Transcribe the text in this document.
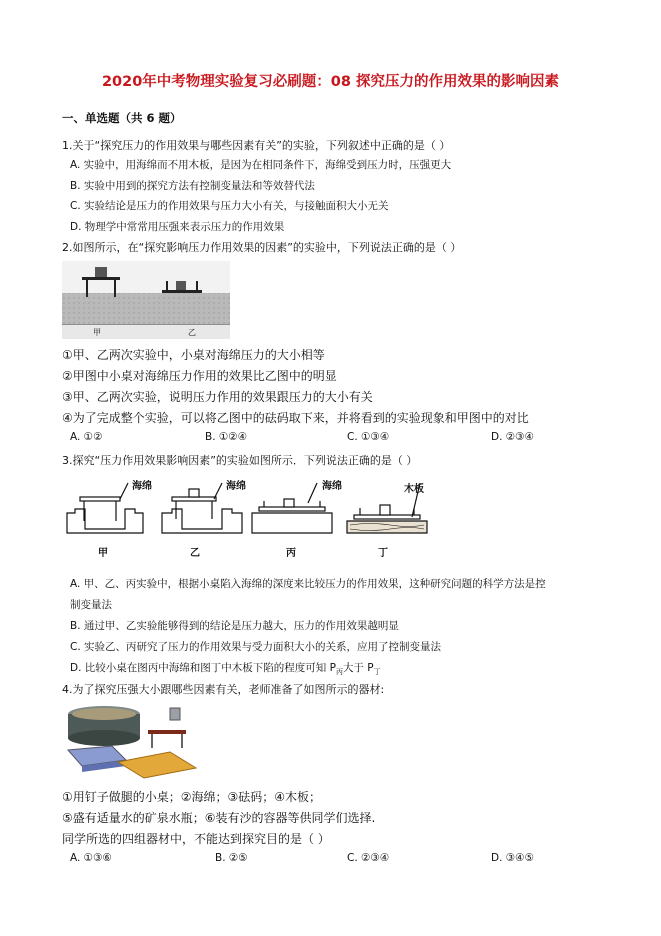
2020年中考物理实验复习必刷题：08 探究压力的作用效果的影响因素
一、单选题（共 6 题）
1.关于“探究压力的作用效果与哪些因素有关”的实验，下列叙述中正确的是（ ）
A. 实验中，用海绵而不用木板，是因为在相同条件下，海绵受到压力时，压强更大
B. 实验中用到的探究方法有控制变量法和等效替代法
C. 实验结论是压力的作用效果与压力大小有关，与接触面积大小无关
D. 物理学中常常用压强来表示压力的作用效果
2.如图所示，在“探究影响压力作用效果的因素”的实验中，下列说法正确的是（ ）
甲	乙
①甲、乙两次实验中，小桌对海绵压力的大小相等
②甲图中小桌对海绵压力作用的效果比乙图中的明显
③甲、乙两次实验，说明压力作用的效果跟压力的大小有关
④为了完成整个实验，可以将乙图中的砝码取下来，并将看到的实验现象和甲图中的对比
A. ①②	B. ①②④	C. ①③④	D. ②③④
3.探究“压力作用效果影响因素”的实验如图所示．下列说法正确的是（ ）
海绵	海绵	海绵	木板
甲	乙	丙	丁
A. 甲、乙、丙实验中，根据小桌陷入海绵的深度来比较压力的作用效果，这种研究问题的科学方法是控
制变量法
B. 通过甲、乙实验能够得到的结论是压力越大，压力的作用效果越明显
C. 实验乙、丙研究了压力的作用效果与受力面积大小的关系，应用了控制变量法
D. 比较小桌在图丙中海绵和图丁中木板下陷的程度可知 $P_丙$大于 $P_丁$
4.为了探究压强大小跟哪些因素有关，老师准备了如图所示的器材:
①用钉子做腿的小桌；②海绵；③砝码；④木板；
⑤盛有适量水的矿泉水瓶；⑥装有沙的容器等供同学们选择.
同学所选的四组器材中，不能达到探究目的是（ ）
A. ①③⑥	B. ②⑤	C. ②③④	D. ③④⑤
